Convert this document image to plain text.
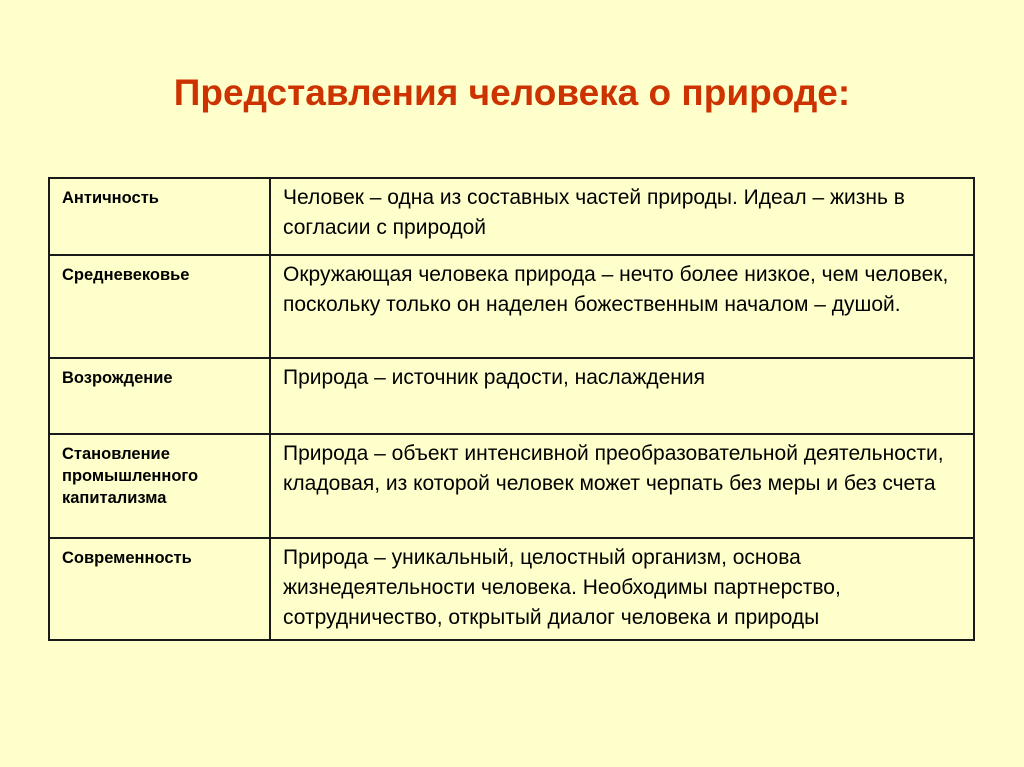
Представления человека о природе:
Античность	Человек – одна из составных частей природы. Идеал – жизнь в согласии с природой
Средневековье	Окружающая человека природа – нечто более низкое, чем человек, поскольку только он наделен божественным началом – душой.
Возрождение	Природа – источник радости, наслаждения
Становление промышленного капитализма	Природа – объект интенсивной преобразовательной деятельности, кладовая, из которой человек может черпать без меры и без счета
Современность	Природа – уникальный, целостный организм, основа жизнедеятельности человека. Необходимы партнерство, сотрудничество, открытый диалог человека и природы
